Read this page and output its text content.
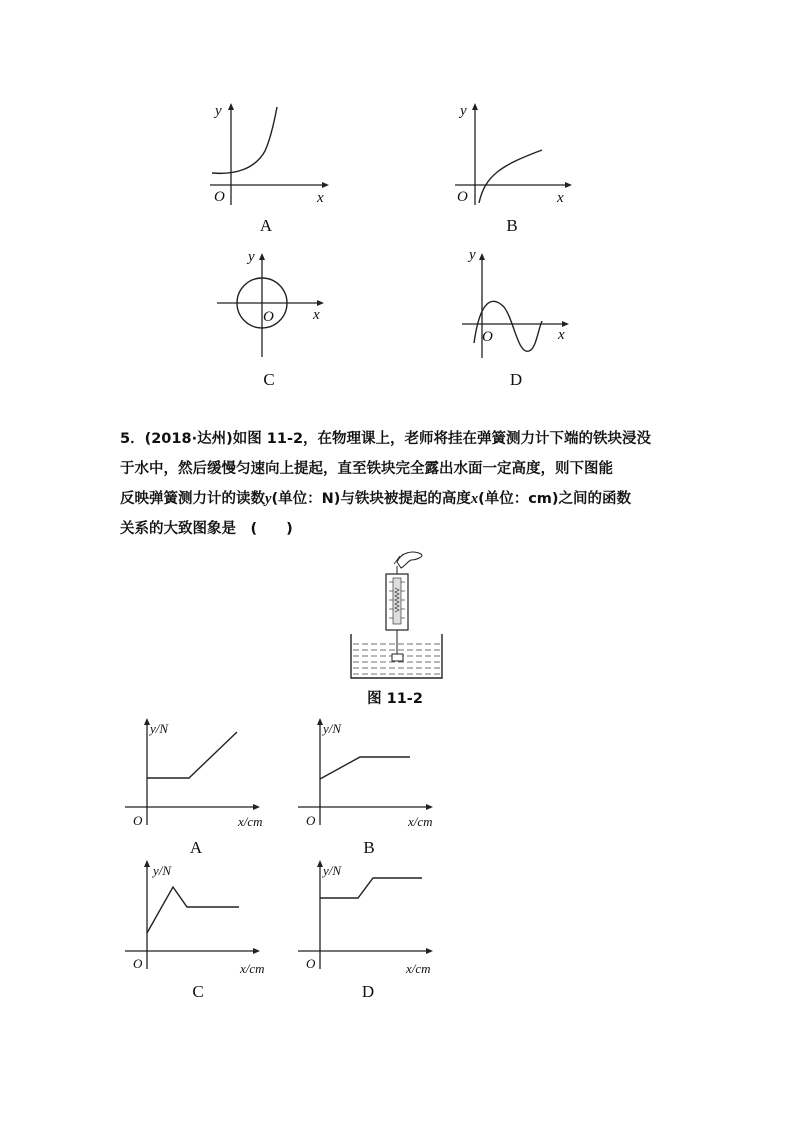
y
O	x
A
y
O	x
B
y
O	x
C
y
O	x
D
5．(2018·达州)如图 11-2，在物理课上，老师将挂在弹簧测力计下端的铁块浸没
于水中，然后缓慢匀速向上提起，直至铁块完全露出水面一定高度，则下图能
反映弹簧测力计的读数y(单位：N)与铁块被提起的高度x(单位：cm)之间的函数
关系的大致图象是　 (　　)
图 11-2
y/N
O	x/cm
A
y/N
O	x/cm
B
y/N
O	x/cm
C
y/N
O	x/cm
D
